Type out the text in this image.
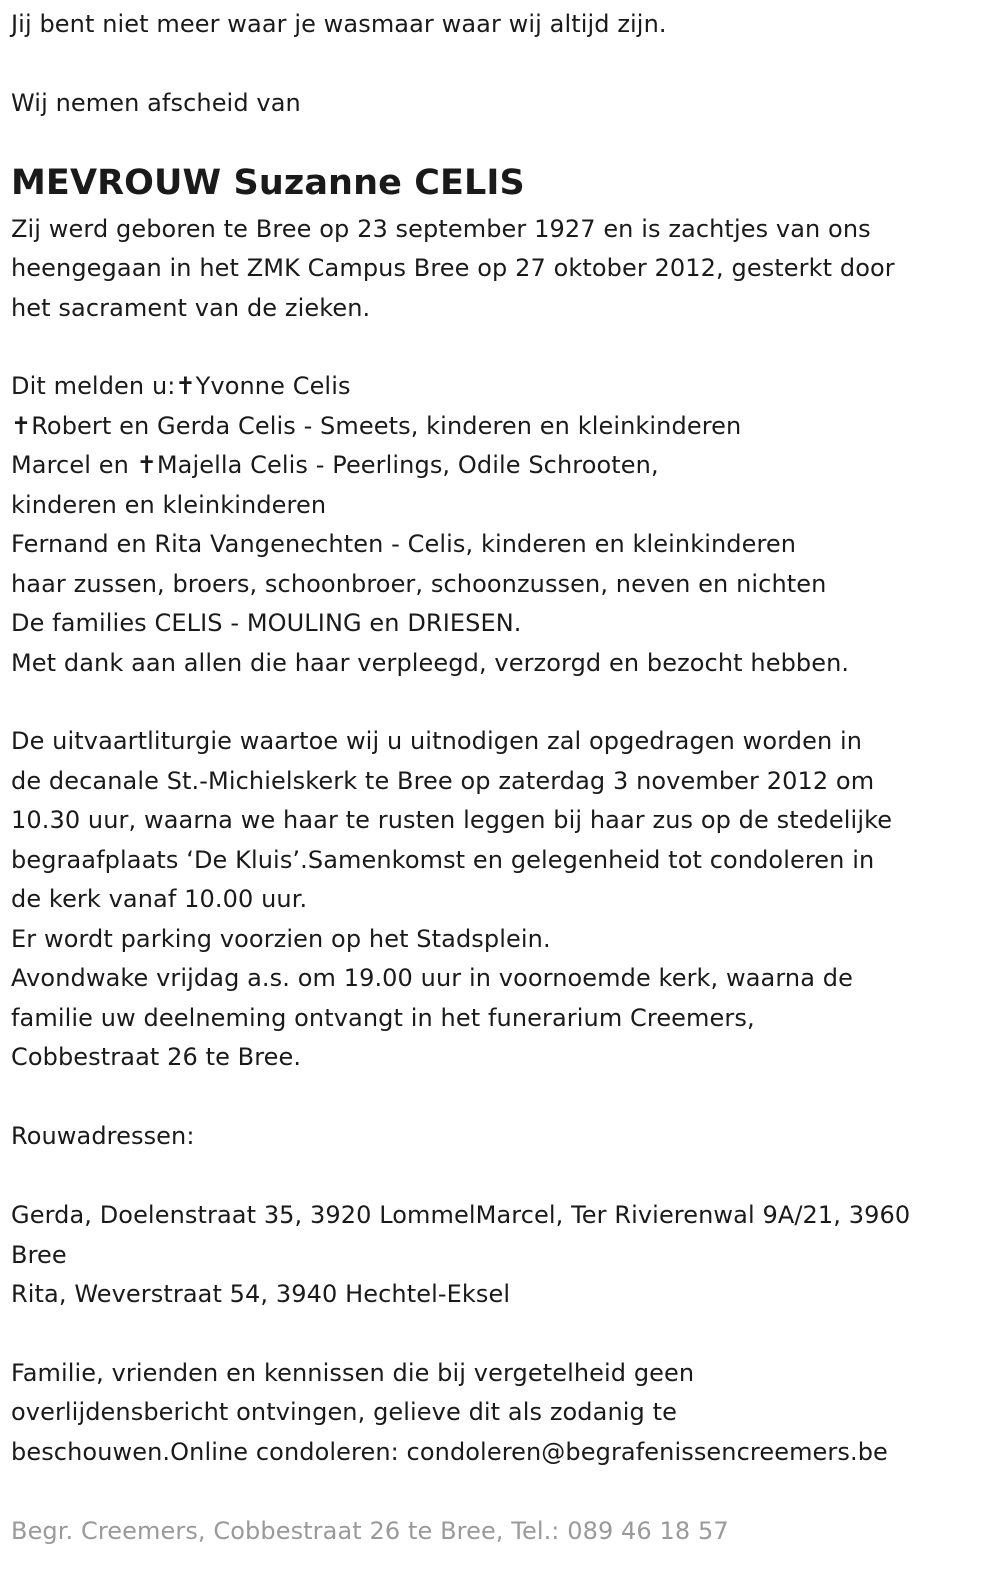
Jij bent niet meer waar je wasmaar waar wij altijd zijn.
Wij nemen afscheid van
MEVROUW Suzanne CELIS
Zij werd geboren te Bree op 23 september 1927 en is zachtjes van ons
heengegaan in het ZMK Campus Bree op 27 oktober 2012, gesterkt door
het sacrament van de zieken.
Dit melden u:✝Yvonne Celis
✝Robert en Gerda Celis - Smeets, kinderen en kleinkinderen
Marcel en ✝Majella Celis - Peerlings, Odile Schrooten,
kinderen en kleinkinderen
Fernand en Rita Vangenechten - Celis, kinderen en kleinkinderen
haar zussen, broers, schoonbroer, schoonzussen, neven en nichten
De families CELIS - MOULING en DRIESEN.
Met dank aan allen die haar verpleegd, verzorgd en bezocht hebben.
De uitvaartliturgie waartoe wij u uitnodigen zal opgedragen worden in
de decanale St.-Michielskerk te Bree op zaterdag 3 november 2012 om
10.30 uur, waarna we haar te rusten leggen bij haar zus op de stedelijke
begraafplaats ‘De Kluis’.Samenkomst en gelegenheid tot condoleren in
de kerk vanaf 10.00 uur.
Er wordt parking voorzien op het Stadsplein.
Avondwake vrijdag a.s. om 19.00 uur in voornoemde kerk, waarna de
familie uw deelneming ontvangt in het funerarium Creemers,
Cobbestraat 26 te Bree.
Rouwadressen:
Gerda, Doelenstraat 35, 3920 LommelMarcel, Ter Rivierenwal 9A/21, 3960
Bree
Rita, Weverstraat 54, 3940 Hechtel-Eksel
Familie, vrienden en kennissen die bij vergetelheid geen
overlijdensbericht ontvingen, gelieve dit als zodanig te
beschouwen.Online condoleren: condoleren@begrafenissencreemers.be
Begr. Creemers, Cobbestraat 26 te Bree, Tel.: 089 46 18 57
